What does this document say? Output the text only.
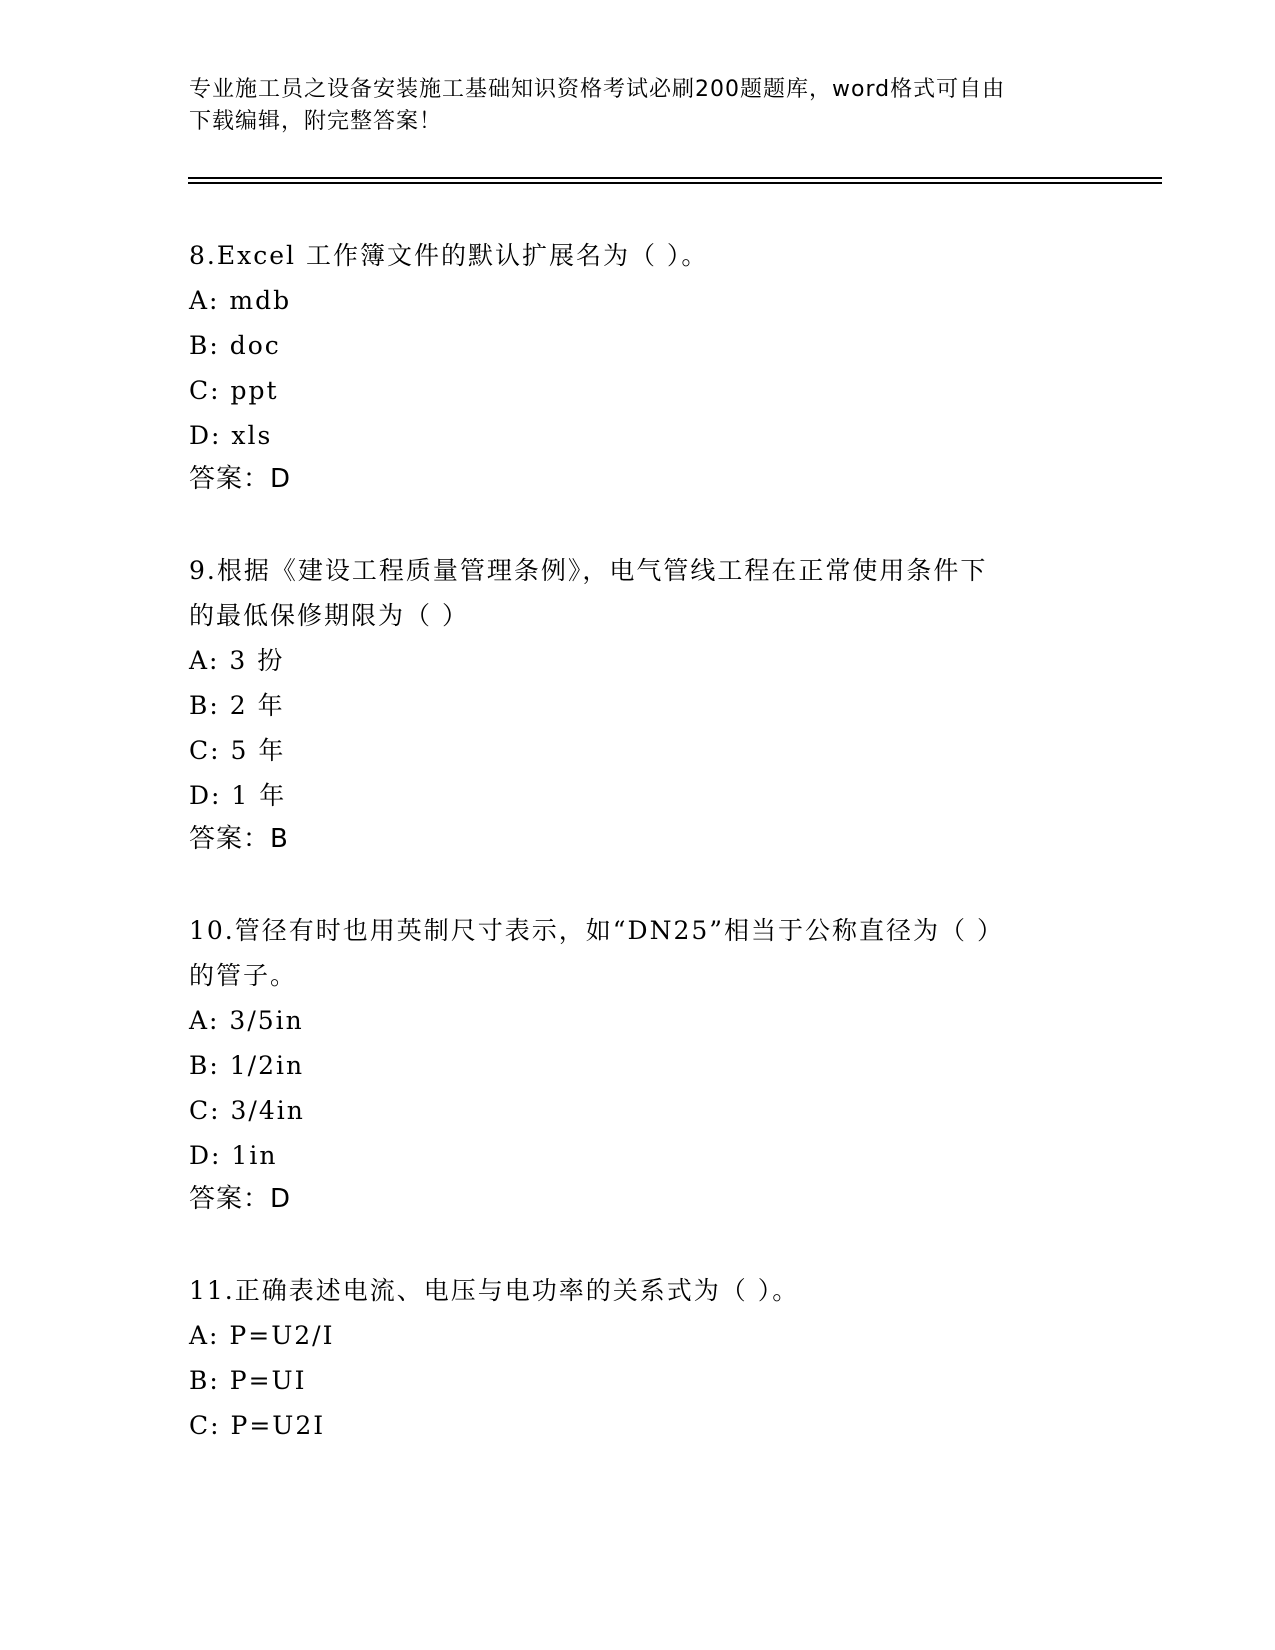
专业施工员之设备安装施工基础知识资格考试必刷200题题库，word格式可自由
下载编辑，附完整答案！
8.Excel 工作簿文件的默认扩展名为（ ）。
A: mdb
B: doc
C: ppt
D: xls
答案：D
9.根据《建设工程质量管理条例》，电气管线工程在正常使用条件下
的最低保修期限为（ ）
A: 3 扮
B: 2 年
C: 5 年
D: 1 年
答案：B
10.管径有时也用英制尺寸表示，如“DN25”相当于公称直径为（ ）
的管子。
A: 3/5in
B: 1/2in
C: 3/4in
D: 1in
答案：D
11.正确表述电流、电压与电功率的关系式为（ ）。
A: P=U2/I
B: P=UI
C: P=U2I
